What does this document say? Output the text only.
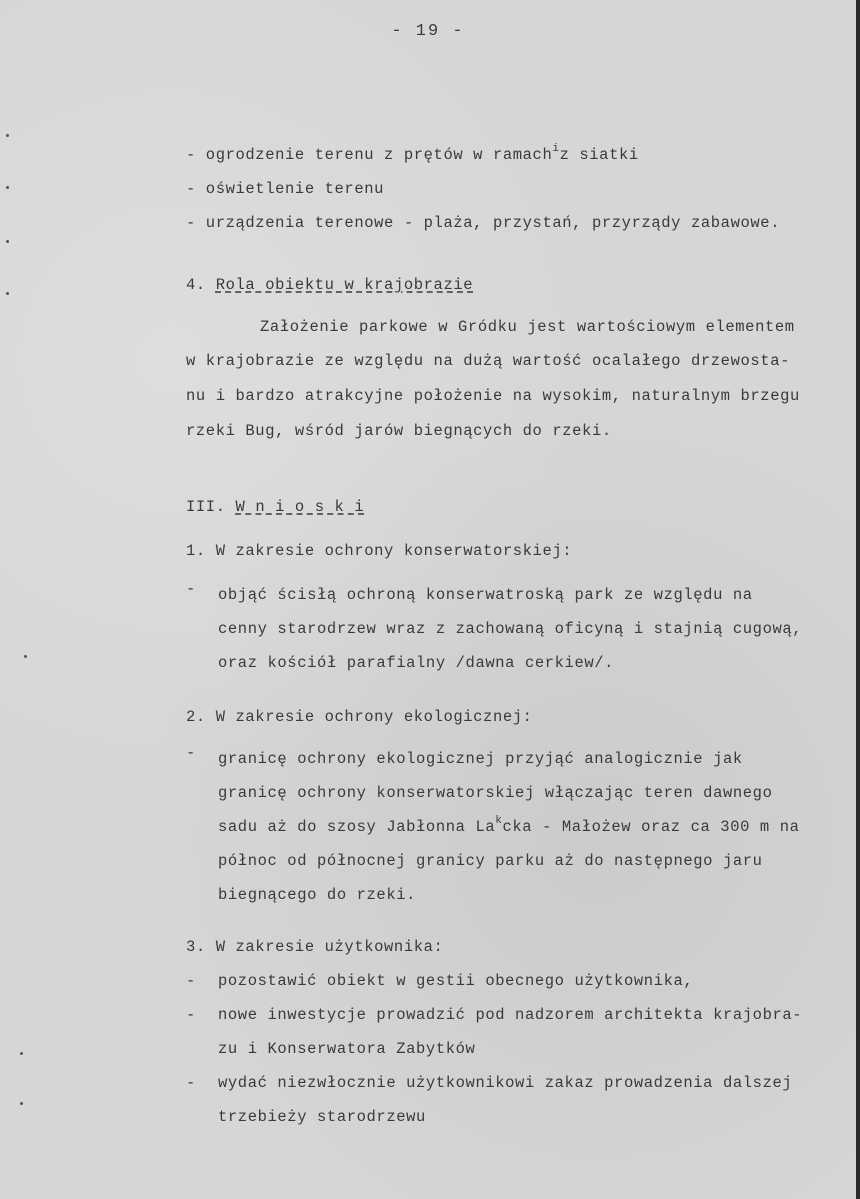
- 19 -
- ogrodzenie terenu z prętów w ramach$^i$z siatki
- oświetlenie terenu
- urządzenia terenowe - plaża, przystań, przyrządy zabawowe.
4. Rola obiektu w krajobrazie
Założenie parkowe w Gródku jest wartościowym elementem
w krajobrazie ze względu na dużą wartość ocalałego drzewosta-
nu i bardzo atrakcyjne położenie na wysokim, naturalnym brzegu
rzeki Bug, wśród jarów biegnących do rzeki.
III. W n i o s k i
1. W zakresie ochrony konserwatorskiej:
- objąć ścisłą ochroną konserwatroską park ze względu na
cenny starodrzew wraz z zachowaną oficyną i stajnią cugową,
oraz kościół parafialny /dawna cerkiew/.
2. W zakresie ochrony ekologicznej:
- granicę ochrony ekologicznej przyjąć analogicznie jak
granicę ochrony konserwatorskiej włączając teren dawnego
sadu aż do szosy Jabłonna La$^k$cka - Małożew oraz ca 300 m na
północ od północnej granicy parku aż do następnego jaru
biegnącego do rzeki.
3. W zakresie użytkownika:
- pozostawić obiekt w gestii obecnego użytkownika,
- nowe inwestycje prowadzić pod nadzorem architekta krajobra-
zu i Konserwatora Zabytków
- wydać niezwłocznie użytkownikowi zakaz prowadzenia dalszej
trzebieży starodrzewu
